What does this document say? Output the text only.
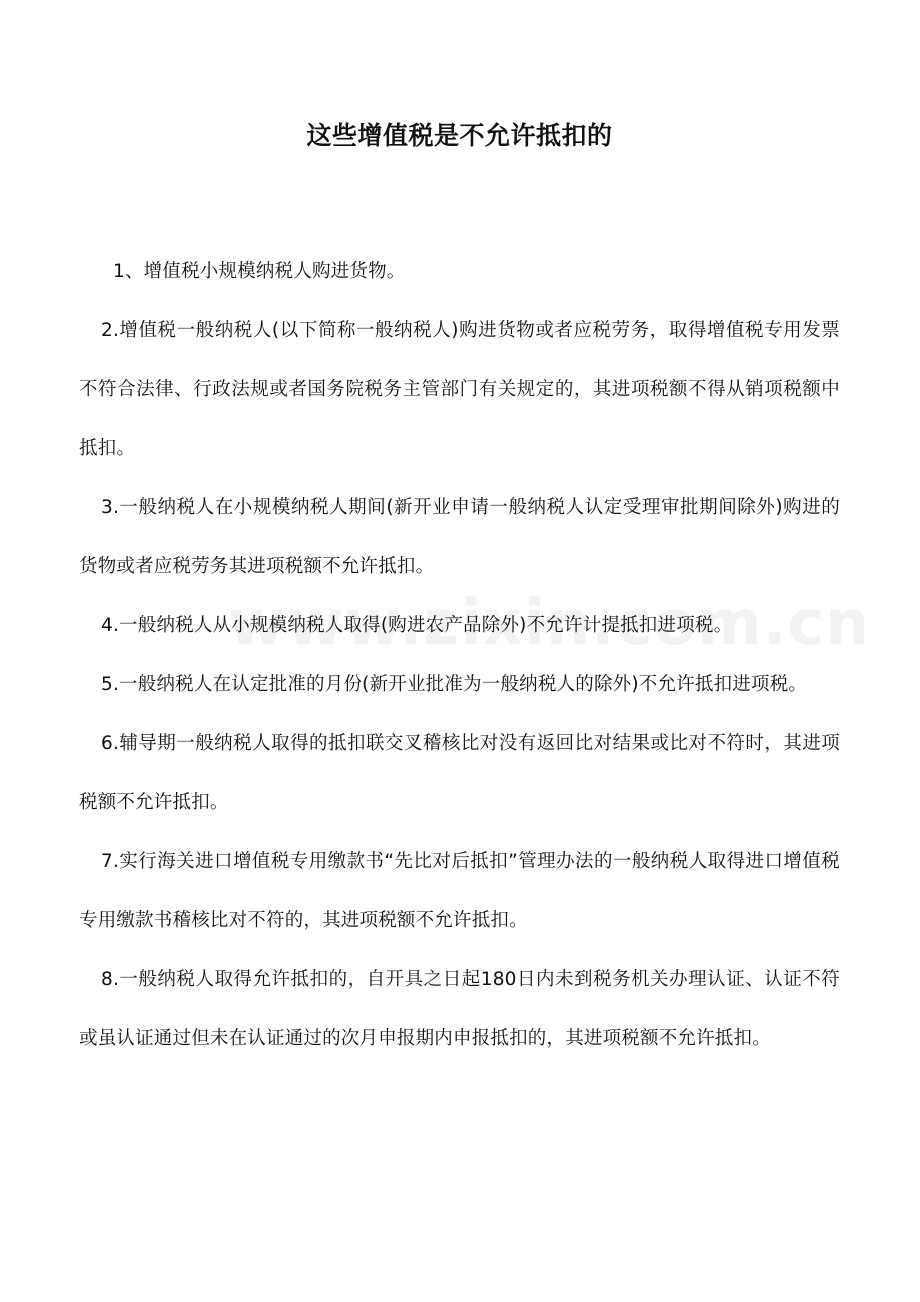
这些增值税是不允许抵扣的

1、增值税小规模纳税人购进货物。

2.增值税一般纳税人(以下简称一般纳税人)购进货物或者应税劳务，取得增值税专用发票不符合法律、行政法规或者国务院税务主管部门有关规定的，其进项税额不得从销项税额中抵扣。

3.一般纳税人在小规模纳税人期间(新开业申请一般纳税人认定受理审批期间除外)购进的货物或者应税劳务其进项税额不允许抵扣。

4.一般纳税人从小规模纳税人取得(购进农产品除外)不允许计提抵扣进项税。

5.一般纳税人在认定批准的月份(新开业批准为一般纳税人的除外)不允许抵扣进项税。

6.辅导期一般纳税人取得的抵扣联交叉稽核比对没有返回比对结果或比对不符时，其进项税额不允许抵扣。

7.实行海关进口增值税专用缴款书“先比对后抵扣”管理办法的一般纳税人取得进口增值税专用缴款书稽核比对不符的，其进项税额不允许抵扣。

8.一般纳税人取得允许抵扣的，自开具之日起180日内未到税务机关办理认证、认证不符或虽认证通过但未在认证通过的次月申报期内申报抵扣的，其进项税额不允许抵扣。
